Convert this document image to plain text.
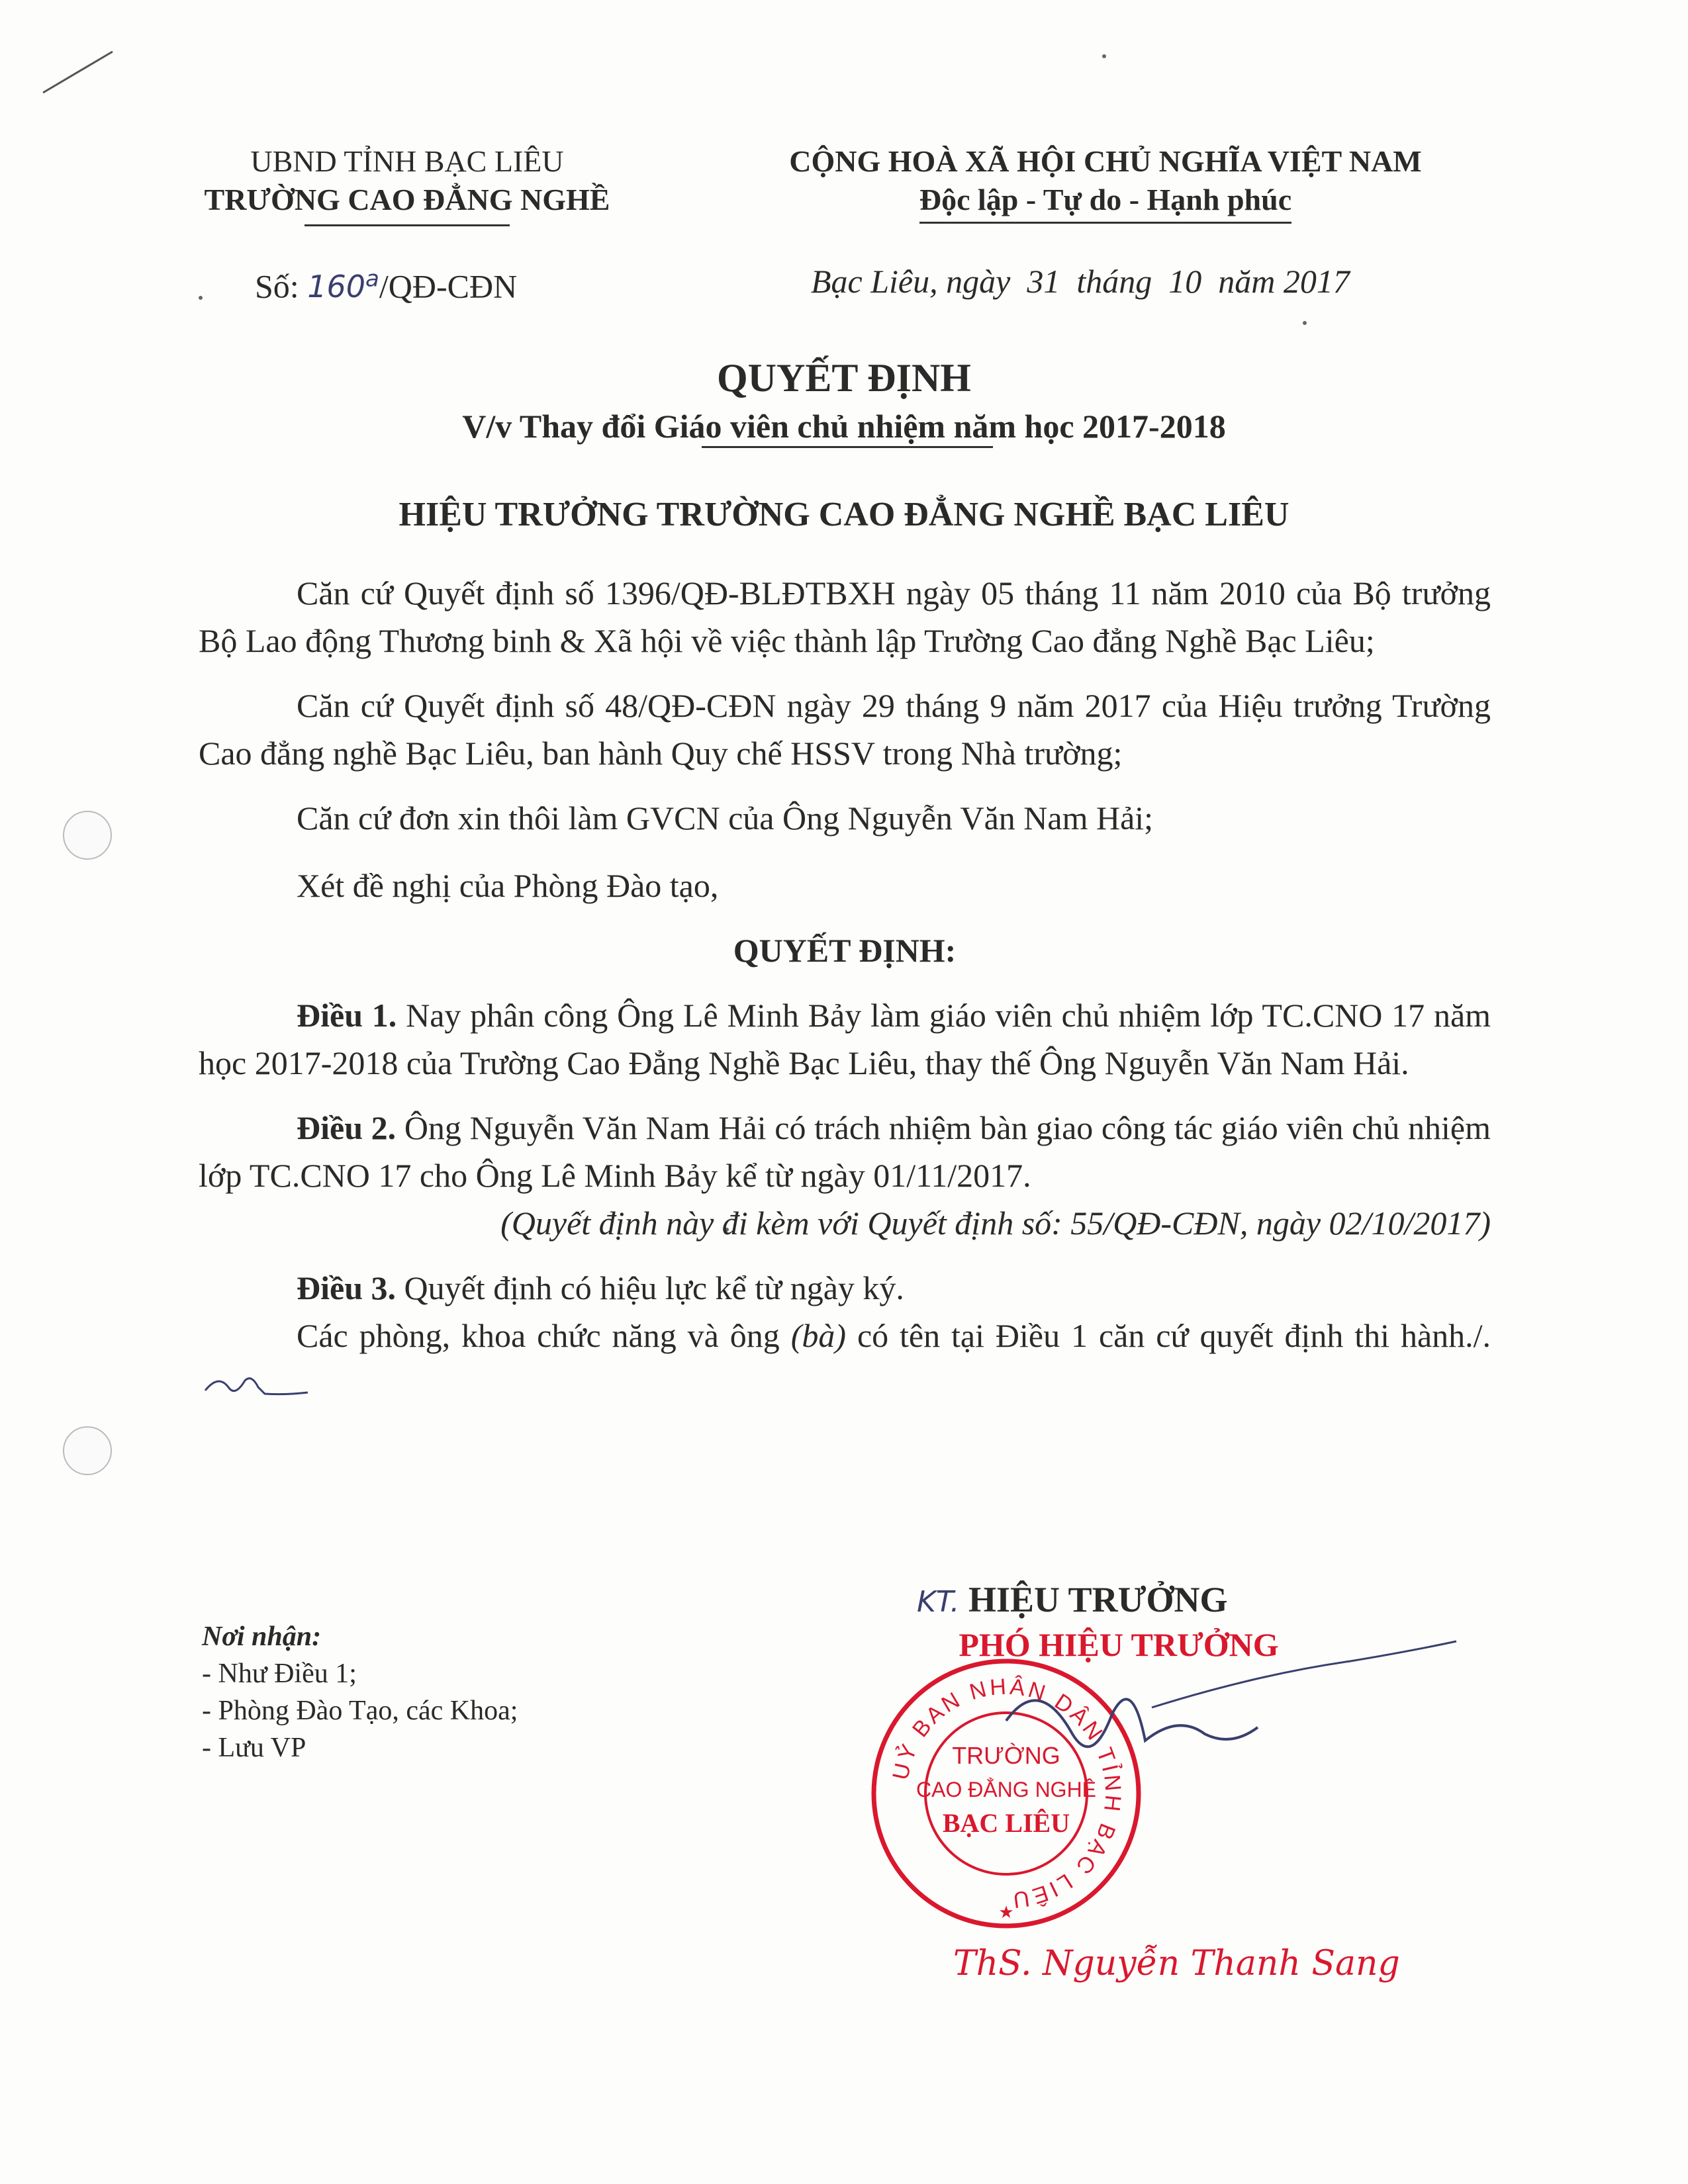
UBND TỈNH BẠC LIÊU
TRƯỜNG CAO ĐẲNG NGHỀ
Số: 160$^a$/QĐ-CĐN
CỘNG HOÀ XÃ HỘI CHỦ NGHĨA VIỆT NAM
Độc lập - Tự do - Hạnh phúc
Bạc Liêu, ngày 31 tháng 10 năm 2017
QUYẾT ĐỊNH
V/v Thay đổi Giáo viên chủ nhiệm năm học 2017-2018
HIỆU TRƯỞNG TRƯỜNG CAO ĐẲNG NGHỀ BẠC LIÊU

Căn cứ Quyết định số 1396/QĐ-BLĐTBXH ngày 05 tháng 11 năm 2010 của Bộ trưởng Bộ Lao động Thương binh & Xã hội về việc thành lập Trường Cao đẳng Nghề Bạc Liêu;

Căn cứ Quyết định số 48/QĐ-CĐN ngày 29 tháng 9 năm 2017 của Hiệu trưởng Trường Cao đẳng nghề Bạc Liêu, ban hành Quy chế HSSV trong Nhà trường;

Căn cứ đơn xin thôi làm GVCN của Ông Nguyễn Văn Nam Hải;

Xét đề nghị của Phòng Đào tạo,

QUYẾT ĐỊNH:

Điều 1. Nay phân công Ông Lê Minh Bảy làm giáo viên chủ nhiệm lớp TC.CNO 17 năm học 2017-2018 của Trường Cao Đẳng Nghề Bạc Liêu, thay thế Ông Nguyễn Văn Nam Hải.

Điều 2. Ông Nguyễn Văn Nam Hải có trách nhiệm bàn giao công tác giáo viên chủ nhiệm lớp TC.CNO 17 cho Ông Lê Minh Bảy kể từ ngày 01/11/2017.

(Quyết định này đi kèm với Quyết định số: 55/QĐ-CĐN, ngày 02/10/2017)

Điều 3. Quyết định có hiệu lực kể từ ngày ký.

Các phòng, khoa chức năng và ông (bà) có tên tại Điều 1 căn cứ quyết định thi hành./.

Nơi nhận:
- Như Điều 1;
- Phòng Đào Tạo, các Khoa;
- Lưu VP
KT. HIỆU TRƯỞNG
PHÓ HIỆU TRƯỞNG
UỶ BAN NHÂN DÂN TỈNH BẠC LIÊU
TRƯỜNG
CAO ĐẲNG NGHỀ
BẠC LIÊU
★
ThS. Nguyễn Thanh Sang
